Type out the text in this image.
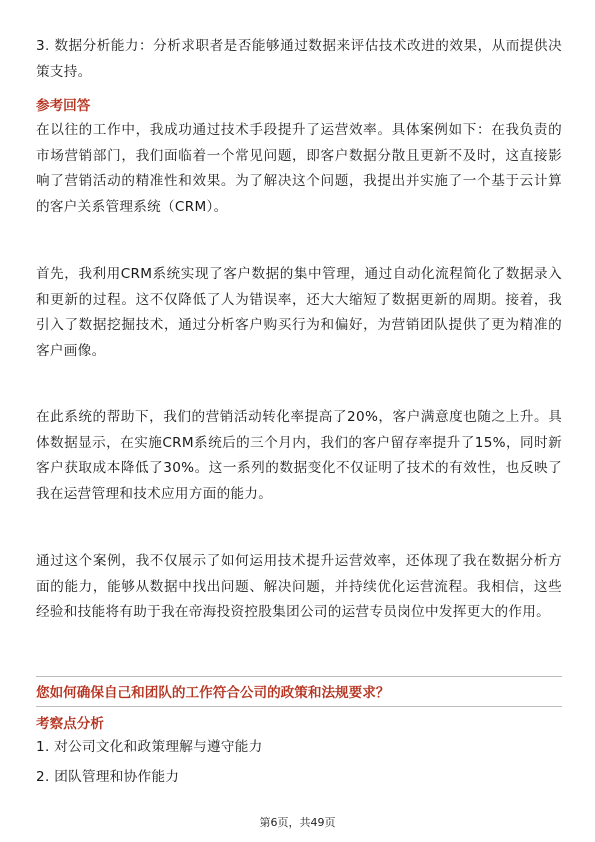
3. 数据分析能力：分析求职者是否能够通过数据来评估技术改进的效果，从而提供决策支持。

参考回答

在以往的工作中，我成功通过技术手段提升了运营效率。具体案例如下：在我负责的市场营销部门，我们面临着一个常见问题，即客户数据分散且更新不及时，这直接影响了营销活动的精准性和效果。为了解决这个问题，我提出并实施了一个基于云计算的客户关系管理系统（CRM）。

首先，我利用CRM系统实现了客户数据的集中管理，通过自动化流程简化了数据录入和更新的过程。这不仅降低了人为错误率，还大大缩短了数据更新的周期。接着，我引入了数据挖掘技术，通过分析客户购买行为和偏好，为营销团队提供了更为精准的客户画像。

在此系统的帮助下，我们的营销活动转化率提高了20%，客户满意度也随之上升。具体数据显示，在实施CRM系统后的三个月内，我们的客户留存率提升了15%，同时新客户获取成本降低了30%。这一系列的数据变化不仅证明了技术的有效性，也反映了我在运营管理和技术应用方面的能力。

通过这个案例，我不仅展示了如何运用技术提升运营效率，还体现了我在数据分析方面的能力，能够从数据中找出问题、解决问题，并持续优化运营流程。我相信，这些经验和技能将有助于我在帝海投资控股集团公司的运营专员岗位中发挥更大的作用。

您如何确保自己和团队的工作符合公司的政策和法规要求？

考察点分析

1. 对公司文化和政策理解与遵守能力

2. 团队管理和协作能力

第6页，共49页
